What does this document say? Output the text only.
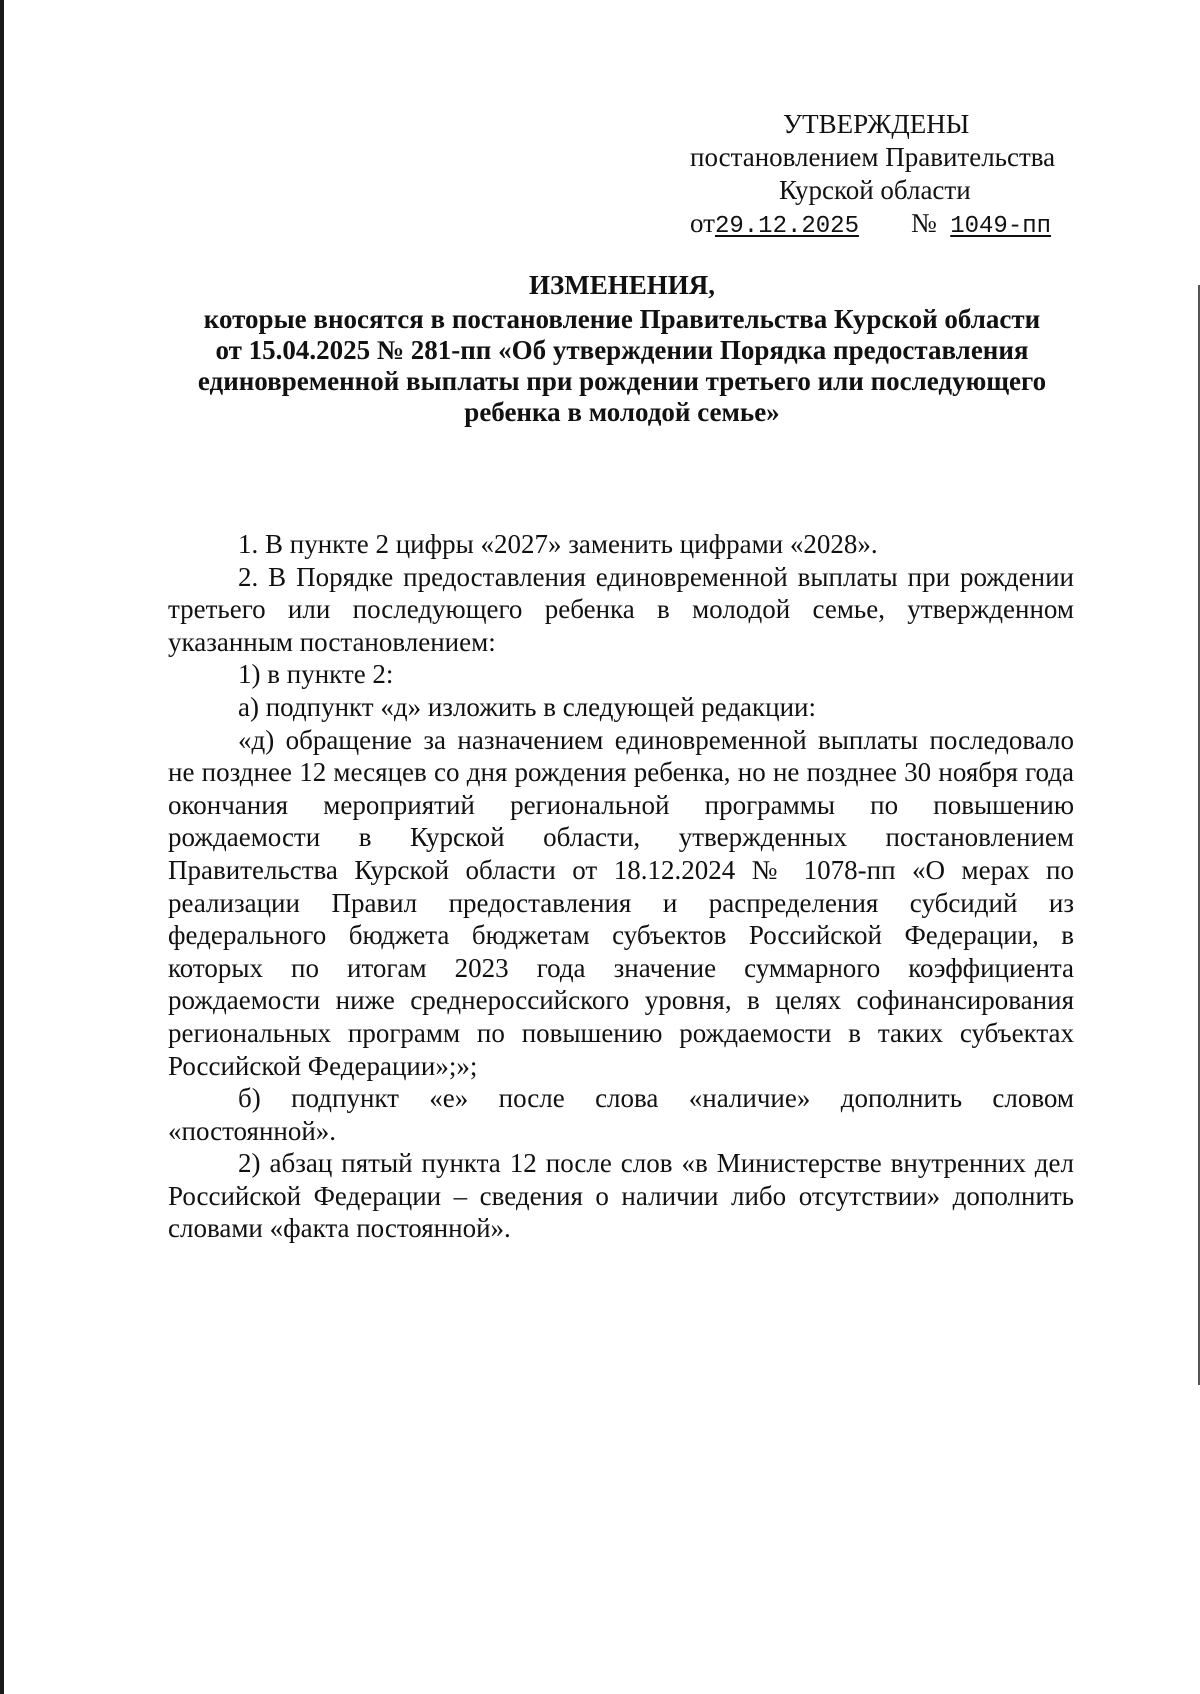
УТВЕРЖДЕНЫ
постановлением Правительства
Курской области
от29.12.2025 № 1049-пп
ИЗМЕНЕНИЯ,
которые вносятся в постановление Правительства Курской области
от 15.04.2025 № 281-пп «Об утверждении Порядка предоставления
единовременной выплаты при рождении третьего или последующего
ребенка в молодой семье»

1. В пункте 2 цифры «2027» заменить цифрами «2028».

2. В Порядке предоставления единовременной выплаты при рождении третьего или последующего ребенка в молодой семье, утвержденном указанным постановлением:

1) в пункте 2:

а) подпункт «д» изложить в следующей редакции:

«д) обращение за назначением единовременной выплаты последовало не позднее 12 месяцев со дня рождения ребенка, но не позднее 30 ноября года окончания мероприятий региональной программы по повышению рождаемости в Курской области, утвержденных постановлением Правительства Курской области от 18.12.2024 № 1078-пп «О мерах по реализации Правил предоставления и распределения субсидий из федерального бюджета бюджетам субъектов Российской Федерации, в которых по итогам 2023 года значение суммарного коэффициента рождаемости ниже среднероссийского уровня, в целях софинансирования региональных программ по повышению рождаемости в таких субъектах Российской Федерации»;»;

б) подпункт «е» после слова «наличие» дополнить словом «постоянной».

2) абзац пятый пункта 12 после слов «в Министерстве внутренних дел Российской Федерации – сведения о наличии либо отсутствии» дополнить словами «факта постоянной».
